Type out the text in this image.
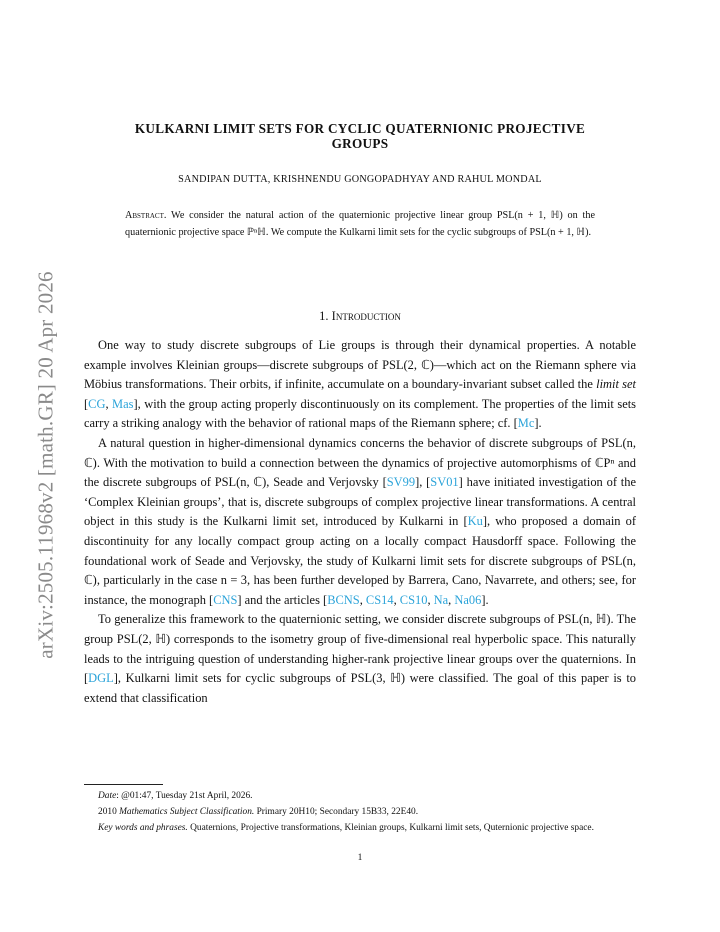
arXiv:2505.11968v2 [math.GR] 20 Apr 2026
KULKARNI LIMIT SETS FOR CYCLIC QUATERNIONIC PROJECTIVE
GROUPS
SANDIPAN DUTTA, KRISHNENDU GONGOPADHYAY AND RAHUL MONDAL
Abstract. We consider the natural action of the quaternionic projective linear group PSL(n + 1, ℍ) on the quaternionic projective space ℙⁿℍ. We compute the Kulkarni limit sets for the cyclic subgroups of PSL(n + 1, ℍ).
1. Introduction

One way to study discrete subgroups of Lie groups is through their dynamical properties. A notable example involves Kleinian groups—discrete subgroups of PSL(2, ℂ)—which act on the Riemann sphere via Möbius transformations. Their orbits, if infinite, accumulate on a boundary-invariant subset called the limit set [CG, Mas], with the group acting properly discontinuously on its complement. The properties of the limit sets carry a striking analogy with the behavior of rational maps of the Riemann sphere; cf. [Mc].

A natural question in higher-dimensional dynamics concerns the behavior of discrete subgroups of PSL(n, ℂ). With the motivation to build a connection between the dynamics of projective automorphisms of ℂPⁿ and the discrete subgroups of PSL(n, ℂ), Seade and Verjovsky [SV99], [SV01] have initiated investigation of the ‘Complex Kleinian groups’, that is, discrete subgroups of complex projective linear transformations. A central object in this study is the Kulkarni limit set, introduced by Kulkarni in [Ku], who proposed a domain of discontinuity for any locally compact group acting on a locally compact Hausdorff space. Following the foundational work of Seade and Verjovsky, the study of Kulkarni limit sets for discrete subgroups of PSL(n, ℂ), particularly in the case n = 3, has been further developed by Barrera, Cano, Navarrete, and others; see, for instance, the monograph [CNS] and the articles [BCNS, CS14, CS10, Na, Na06].

To generalize this framework to the quaternionic setting, we consider discrete subgroups of PSL(n, ℍ). The group PSL(2, ℍ) corresponds to the isometry group of five-dimensional real hyperbolic space. This naturally leads to the intriguing question of understanding higher-rank projective linear groups over the quaternions. In [DGL], Kulkarni limit sets for cyclic subgroups of PSL(3, ℍ) were classified. The goal of this paper is to extend that classification

Date: @01:47, Tuesday 21st April, 2026.
2010 Mathematics Subject Classification. Primary 20H10; Secondary 15B33, 22E40.
Key words and phrases. Quaternions, Projective transformations, Kleinian groups, Kulkarni limit sets, Quternionic projective space.
1
